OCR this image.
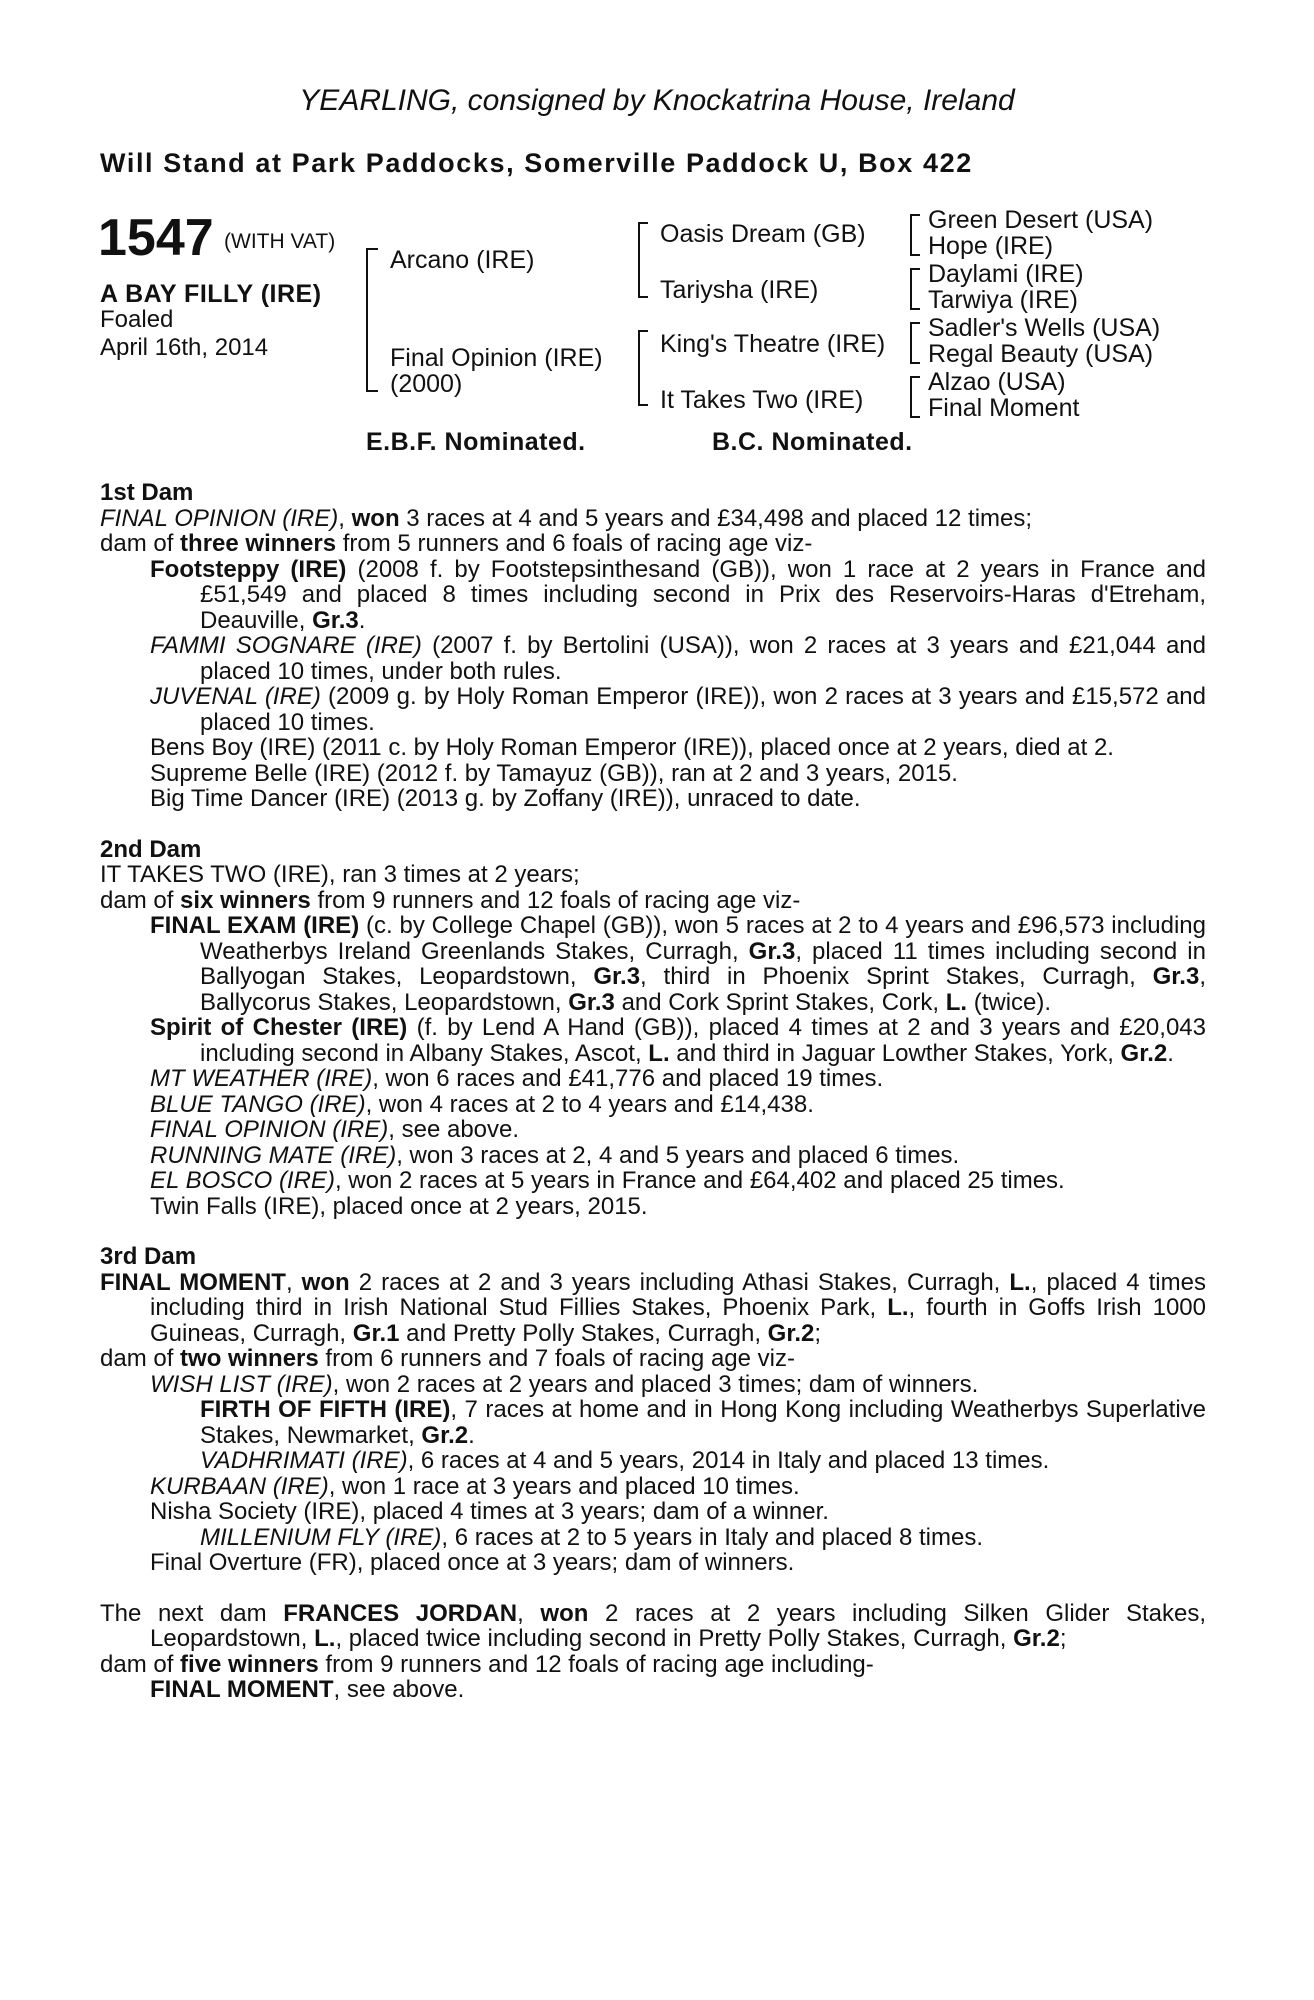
YEARLING, consigned by Knockatrina House, Ireland
Will Stand at Park Paddocks, Somerville Paddock U, Box 422
1547 (WITH VAT)
A BAY FILLY (IRE)
Foaled
April 16th, 2014
Arcano (IRE)
Final Opinion (IRE)
(2000)
Oasis Dream (GB)
Tariysha (IRE)
King's Theatre (IRE)
It Takes Two (IRE)
Green Desert (USA)
Hope (IRE)
Daylami (IRE)
Tarwiya (IRE)
Sadler's Wells (USA)
Regal Beauty (USA)
Alzao (USA)
Final Moment
E.B.F. Nominated.	B.C. Nominated.

1st Dam

FINAL OPINION (IRE), won 3 races at 4 and 5 years and £34,498 and placed 12 times;

dam of three winners from 5 runners and 6 foals of racing age viz-

Footsteppy (IRE) (2008 f. by Footstepsinthesand (GB)), won 1 race at 2 years in France and £51,549 and placed 8 times including second in Prix des Reservoirs-Haras d'Etreham, Deauville, Gr.3.

FAMMI SOGNARE (IRE) (2007 f. by Bertolini (USA)), won 2 races at 3 years and £21,044 and placed 10 times, under both rules.

JUVENAL (IRE) (2009 g. by Holy Roman Emperor (IRE)), won 2 races at 3 years and £15,572 and placed 10 times.

Bens Boy (IRE) (2011 c. by Holy Roman Emperor (IRE)), placed once at 2 years, died at 2.

Supreme Belle (IRE) (2012 f. by Tamayuz (GB)), ran at 2 and 3 years, 2015.

Big Time Dancer (IRE) (2013 g. by Zoffany (IRE)), unraced to date.

2nd Dam

IT TAKES TWO (IRE), ran 3 times at 2 years;

dam of six winners from 9 runners and 12 foals of racing age viz-

FINAL EXAM (IRE) (c. by College Chapel (GB)), won 5 races at 2 to 4 years and £96,573 including Weatherbys Ireland Greenlands Stakes, Curragh, Gr.3, placed 11 times including second in Ballyogan Stakes, Leopardstown, Gr.3, third in Phoenix Sprint Stakes, Curragh, Gr.3, Ballycorus Stakes, Leopardstown, Gr.3 and Cork Sprint Stakes, Cork, L. (twice).

Spirit of Chester (IRE) (f. by Lend A Hand (GB)), placed 4 times at 2 and 3 years and £20,043 including second in Albany Stakes, Ascot, L. and third in Jaguar Lowther Stakes, York, Gr.2.

MT WEATHER (IRE), won 6 races and £41,776 and placed 19 times.

BLUE TANGO (IRE), won 4 races at 2 to 4 years and £14,438.

FINAL OPINION (IRE), see above.

RUNNING MATE (IRE), won 3 races at 2, 4 and 5 years and placed 6 times.

EL BOSCO (IRE), won 2 races at 5 years in France and £64,402 and placed 25 times.

Twin Falls (IRE), placed once at 2 years, 2015.

3rd Dam

FINAL MOMENT, won 2 races at 2 and 3 years including Athasi Stakes, Curragh, L., placed 4 times including third in Irish National Stud Fillies Stakes, Phoenix Park, L., fourth in Goffs Irish 1000 Guineas, Curragh, Gr.1 and Pretty Polly Stakes, Curragh, Gr.2;

dam of two winners from 6 runners and 7 foals of racing age viz-

WISH LIST (IRE), won 2 races at 2 years and placed 3 times; dam of winners.

FIRTH OF FIFTH (IRE), 7 races at home and in Hong Kong including Weatherbys Superlative Stakes, Newmarket, Gr.2.

VADHRIMATI (IRE), 6 races at 4 and 5 years, 2014 in Italy and placed 13 times.

KURBAAN (IRE), won 1 race at 3 years and placed 10 times.

Nisha Society (IRE), placed 4 times at 3 years; dam of a winner.

MILLENIUM FLY (IRE), 6 races at 2 to 5 years in Italy and placed 8 times.

Final Overture (FR), placed once at 3 years; dam of winners.

The next dam FRANCES JORDAN, won 2 races at 2 years including Silken Glider Stakes, Leopardstown, L., placed twice including second in Pretty Polly Stakes, Curragh, Gr.2;

dam of five winners from 9 runners and 12 foals of racing age including-

FINAL MOMENT, see above.
